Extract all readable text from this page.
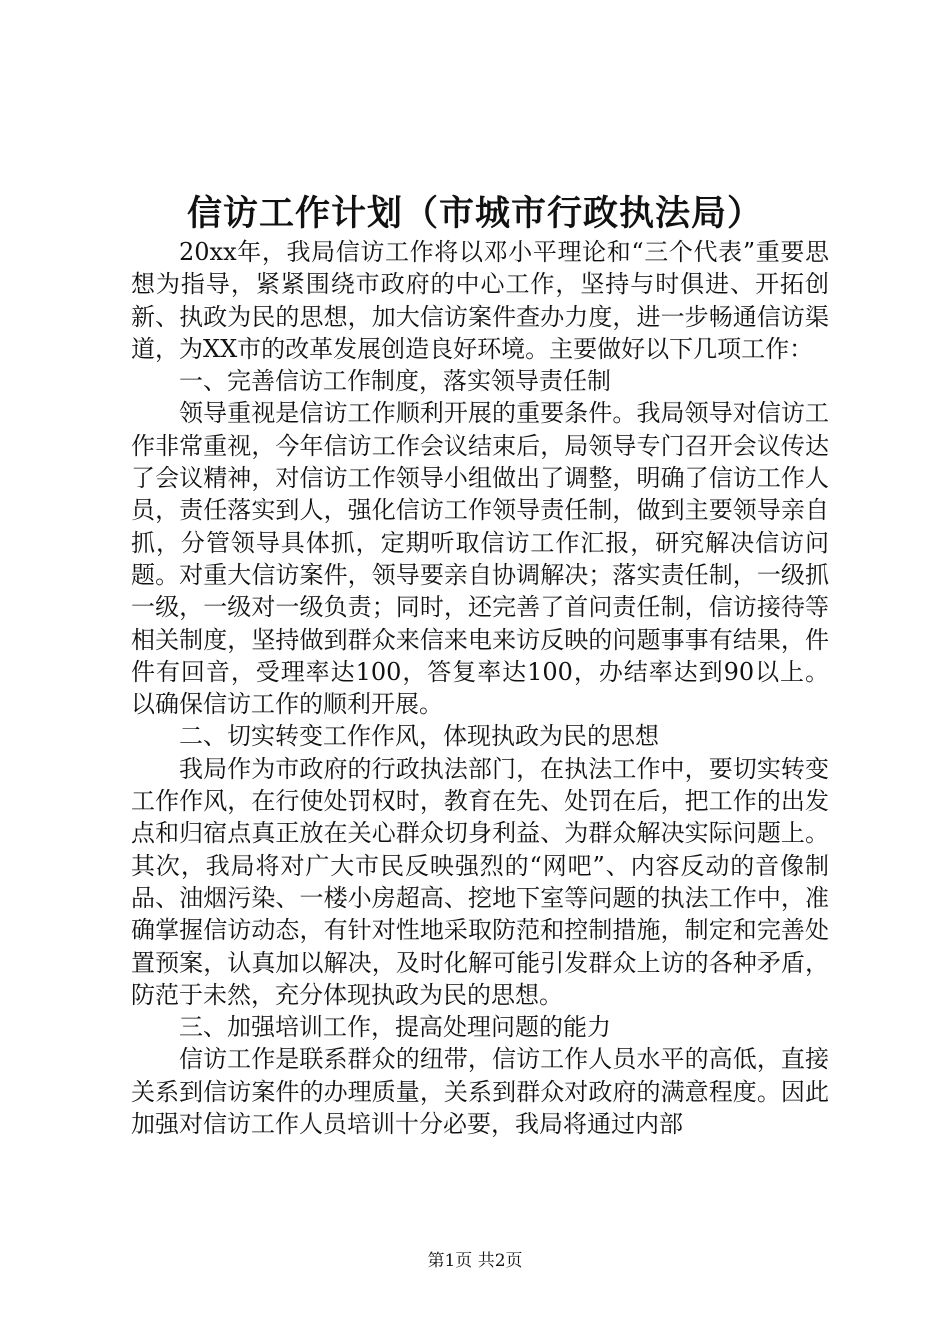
信访工作计划（市城市行政执法局）

20xx年，我局信访工作将以邓小平理论和“三个代表”重要思想为指导，紧紧围绕市政府的中心工作，坚持与时俱进、开拓创新、执政为民的思想，加大信访案件查办力度，进一步畅通信访渠道，为XX市的改革发展创造良好环境。主要做好以下几项工作：

一、完善信访工作制度，落实领导责任制

领导重视是信访工作顺利开展的重要条件。我局领导对信访工作非常重视，今年信访工作会议结束后，局领导专门召开会议传达了会议精神，对信访工作领导小组做出了调整，明确了信访工作人员，责任落实到人，强化信访工作领导责任制，做到主要领导亲自抓，分管领导具体抓，定期听取信访工作汇报，研究解决信访问题。对重大信访案件，领导要亲自协调解决；落实责任制，一级抓一级，一级对一级负责；同时，还完善了首问责任制，信访接待等相关制度，坚持做到群众来信来电来访反映的问题事事有结果，件件有回音，受理率达100，答复率达100，办结率达到90以上。以确保信访工作的顺利开展。

二、切实转变工作作风，体现执政为民的思想

我局作为市政府的行政执法部门，在执法工作中，要切实转变工作作风，在行使处罚权时，教育在先、处罚在后，把工作的出发点和归宿点真正放在关心群众切身利益、为群众解决实际问题上。其次，我局将对广大市民反映强烈的“网吧”、内容反动的音像制品、油烟污染、一楼小房超高、挖地下室等问题的执法工作中，准确掌握信访动态，有针对性地采取防范和控制措施，制定和完善处置预案，认真加以解决，及时化解可能引发群众上访的各种矛盾，防范于未然，充分体现执政为民的思想。

三、加强培训工作，提高处理问题的能力

信访工作是联系群众的纽带，信访工作人员水平的高低，直接关系到信访案件的办理质量，关系到群众对政府的满意程度。因此加强对信访工作人员培训十分必要，我局将通过内部

第1页 共2页
